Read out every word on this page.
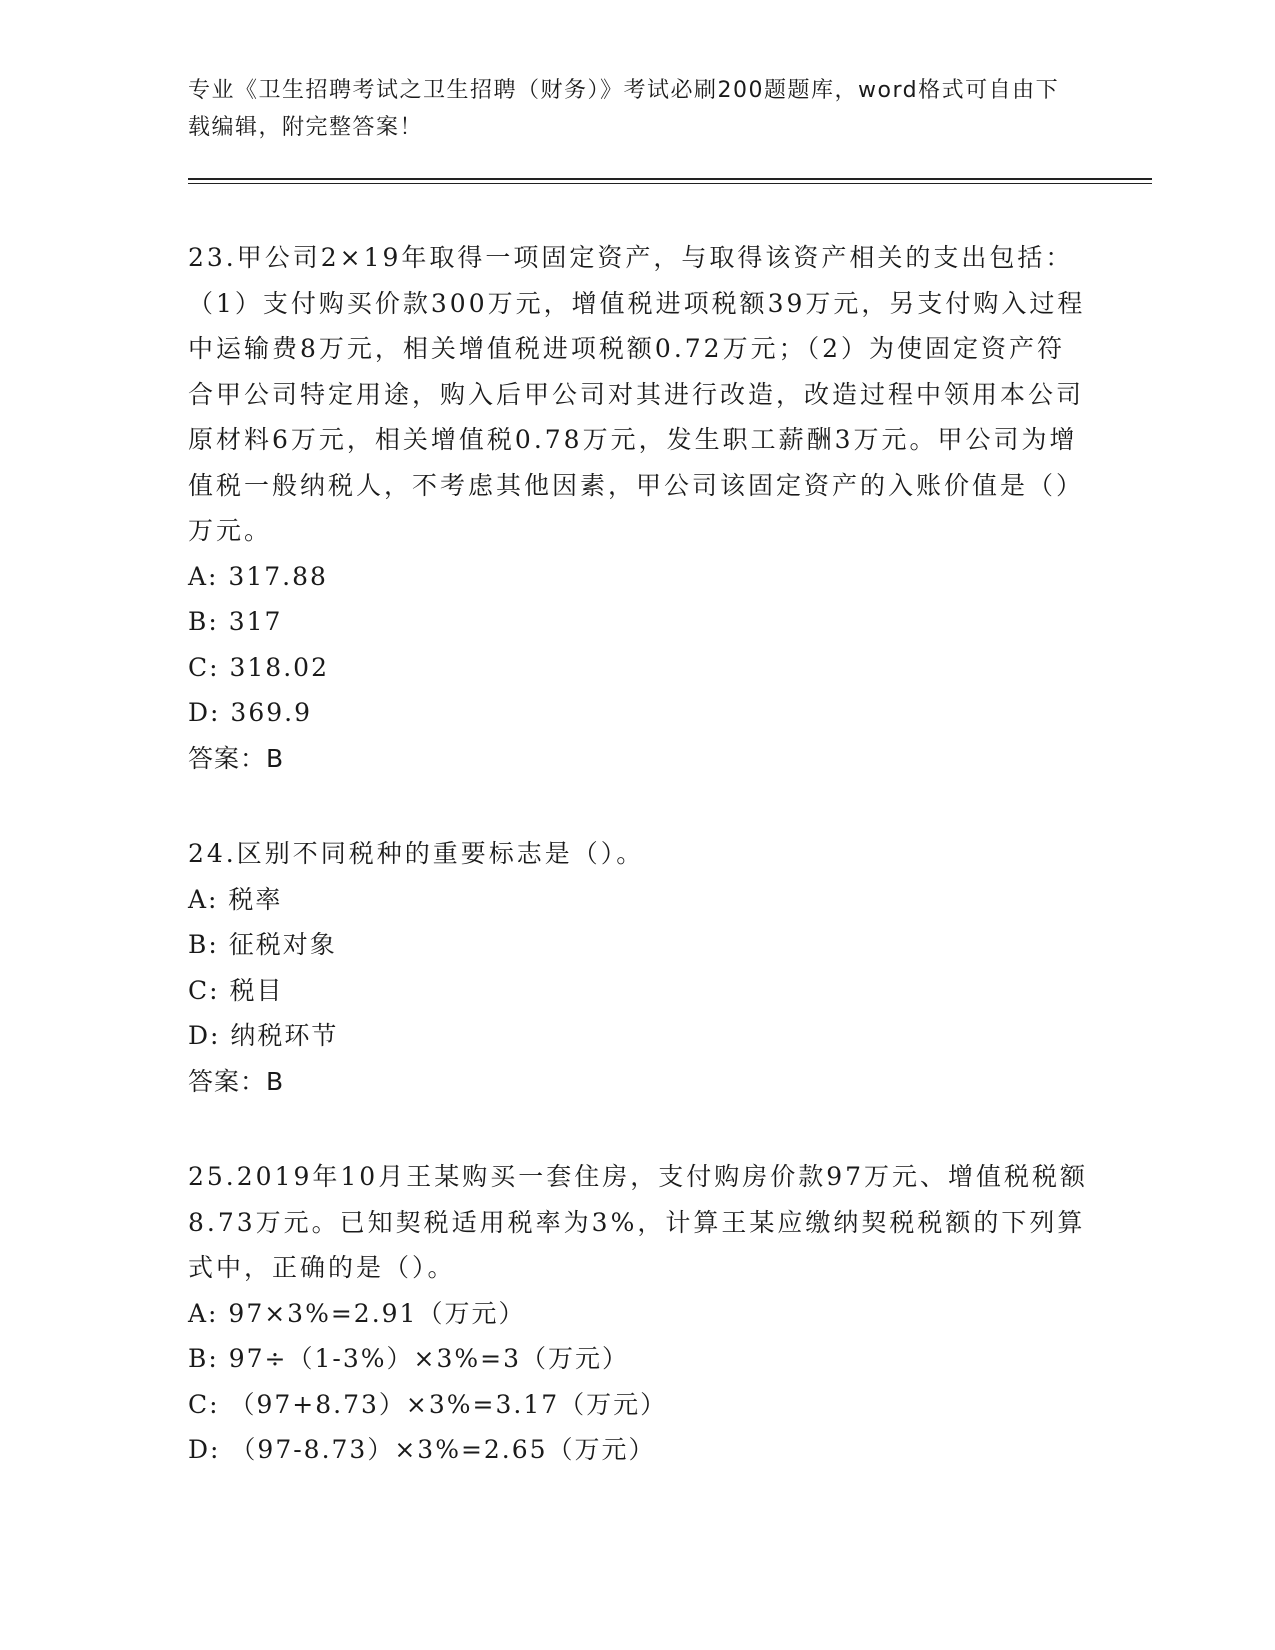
专业《卫生招聘考试之卫生招聘（财务）》考试必刷200题题库，word格式可自由下载编辑，附完整答案！
23.甲公司2×19年取得一项固定资产，与取得该资产相关的支出包括：（1）支付购买价款300万元，增值税进项税额39万元，另支付购入过程中运输费8万元，相关增值税进项税额0.72万元；（2）为使固定资产符合甲公司特定用途，购入后甲公司对其进行改造，改造过程中领用本公司原材料6万元，相关增值税0.78万元，发生职工薪酬3万元。甲公司为增值税一般纳税人，不考虑其他因素，甲公司该固定资产的入账价值是（）万元。
A: 317.88
B: 317
C: 318.02
D: 369.9
答案：B
24.区别不同税种的重要标志是（）。
A: 税率
B: 征税对象
C: 税目
D: 纳税环节
答案：B
25.2019年10月王某购买一套住房，支付购房价款97万元、增值税税额8.73万元。已知契税适用税率为3%，计算王某应缴纳契税税额的下列算式中，正确的是（）。
A: 97×3%=2.91（万元）
B: 97÷（1-3%）×3%=3（万元）
C: （97+8.73）×3%=3.17（万元）
D: （97-8.73）×3%=2.65（万元）
